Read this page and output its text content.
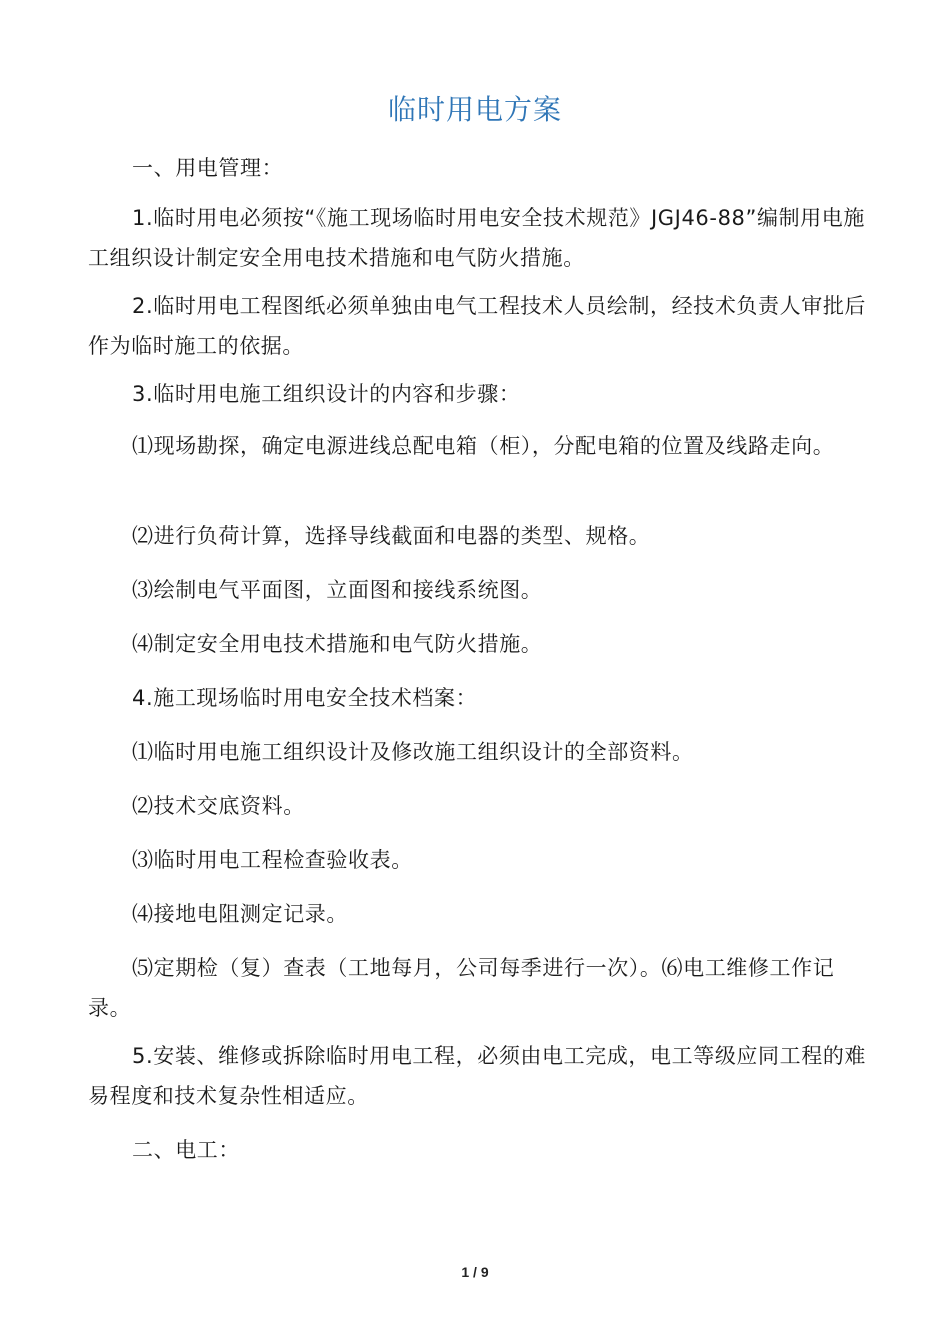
临时用电方案

一、用电管理：

1.临时用电必须按“《施工现场临时用电安全技术规范》JGJ46-88”编制用电施工组织设计制定安全用电技术措施和电气防火措施。

2.临时用电工程图纸必须单独由电气工程技术人员绘制，经技术负责人审批后作为临时施工的依据。

3.临时用电施工组织设计的内容和步骤：

⑴现场勘探，确定电源进线总配电箱（柜），分配电箱的位置及线路走向。

⑵进行负荷计算，选择导线截面和电器的类型、规格。

⑶绘制电气平面图，立面图和接线系统图。

⑷制定安全用电技术措施和电气防火措施。

4.施工现场临时用电安全技术档案：

⑴临时用电施工组织设计及修改施工组织设计的全部资料。

⑵技术交底资料。

⑶临时用电工程检查验收表。

⑷接地电阻测定记录。

⑸定期检（复）查表（工地每月，公司每季进行一次）。⑹电工维修工作记录。

5.安装、维修或拆除临时用电工程，必须由电工完成，电工等级应同工程的难易程度和技术复杂性相适应。

二、电工：

1 / 9
